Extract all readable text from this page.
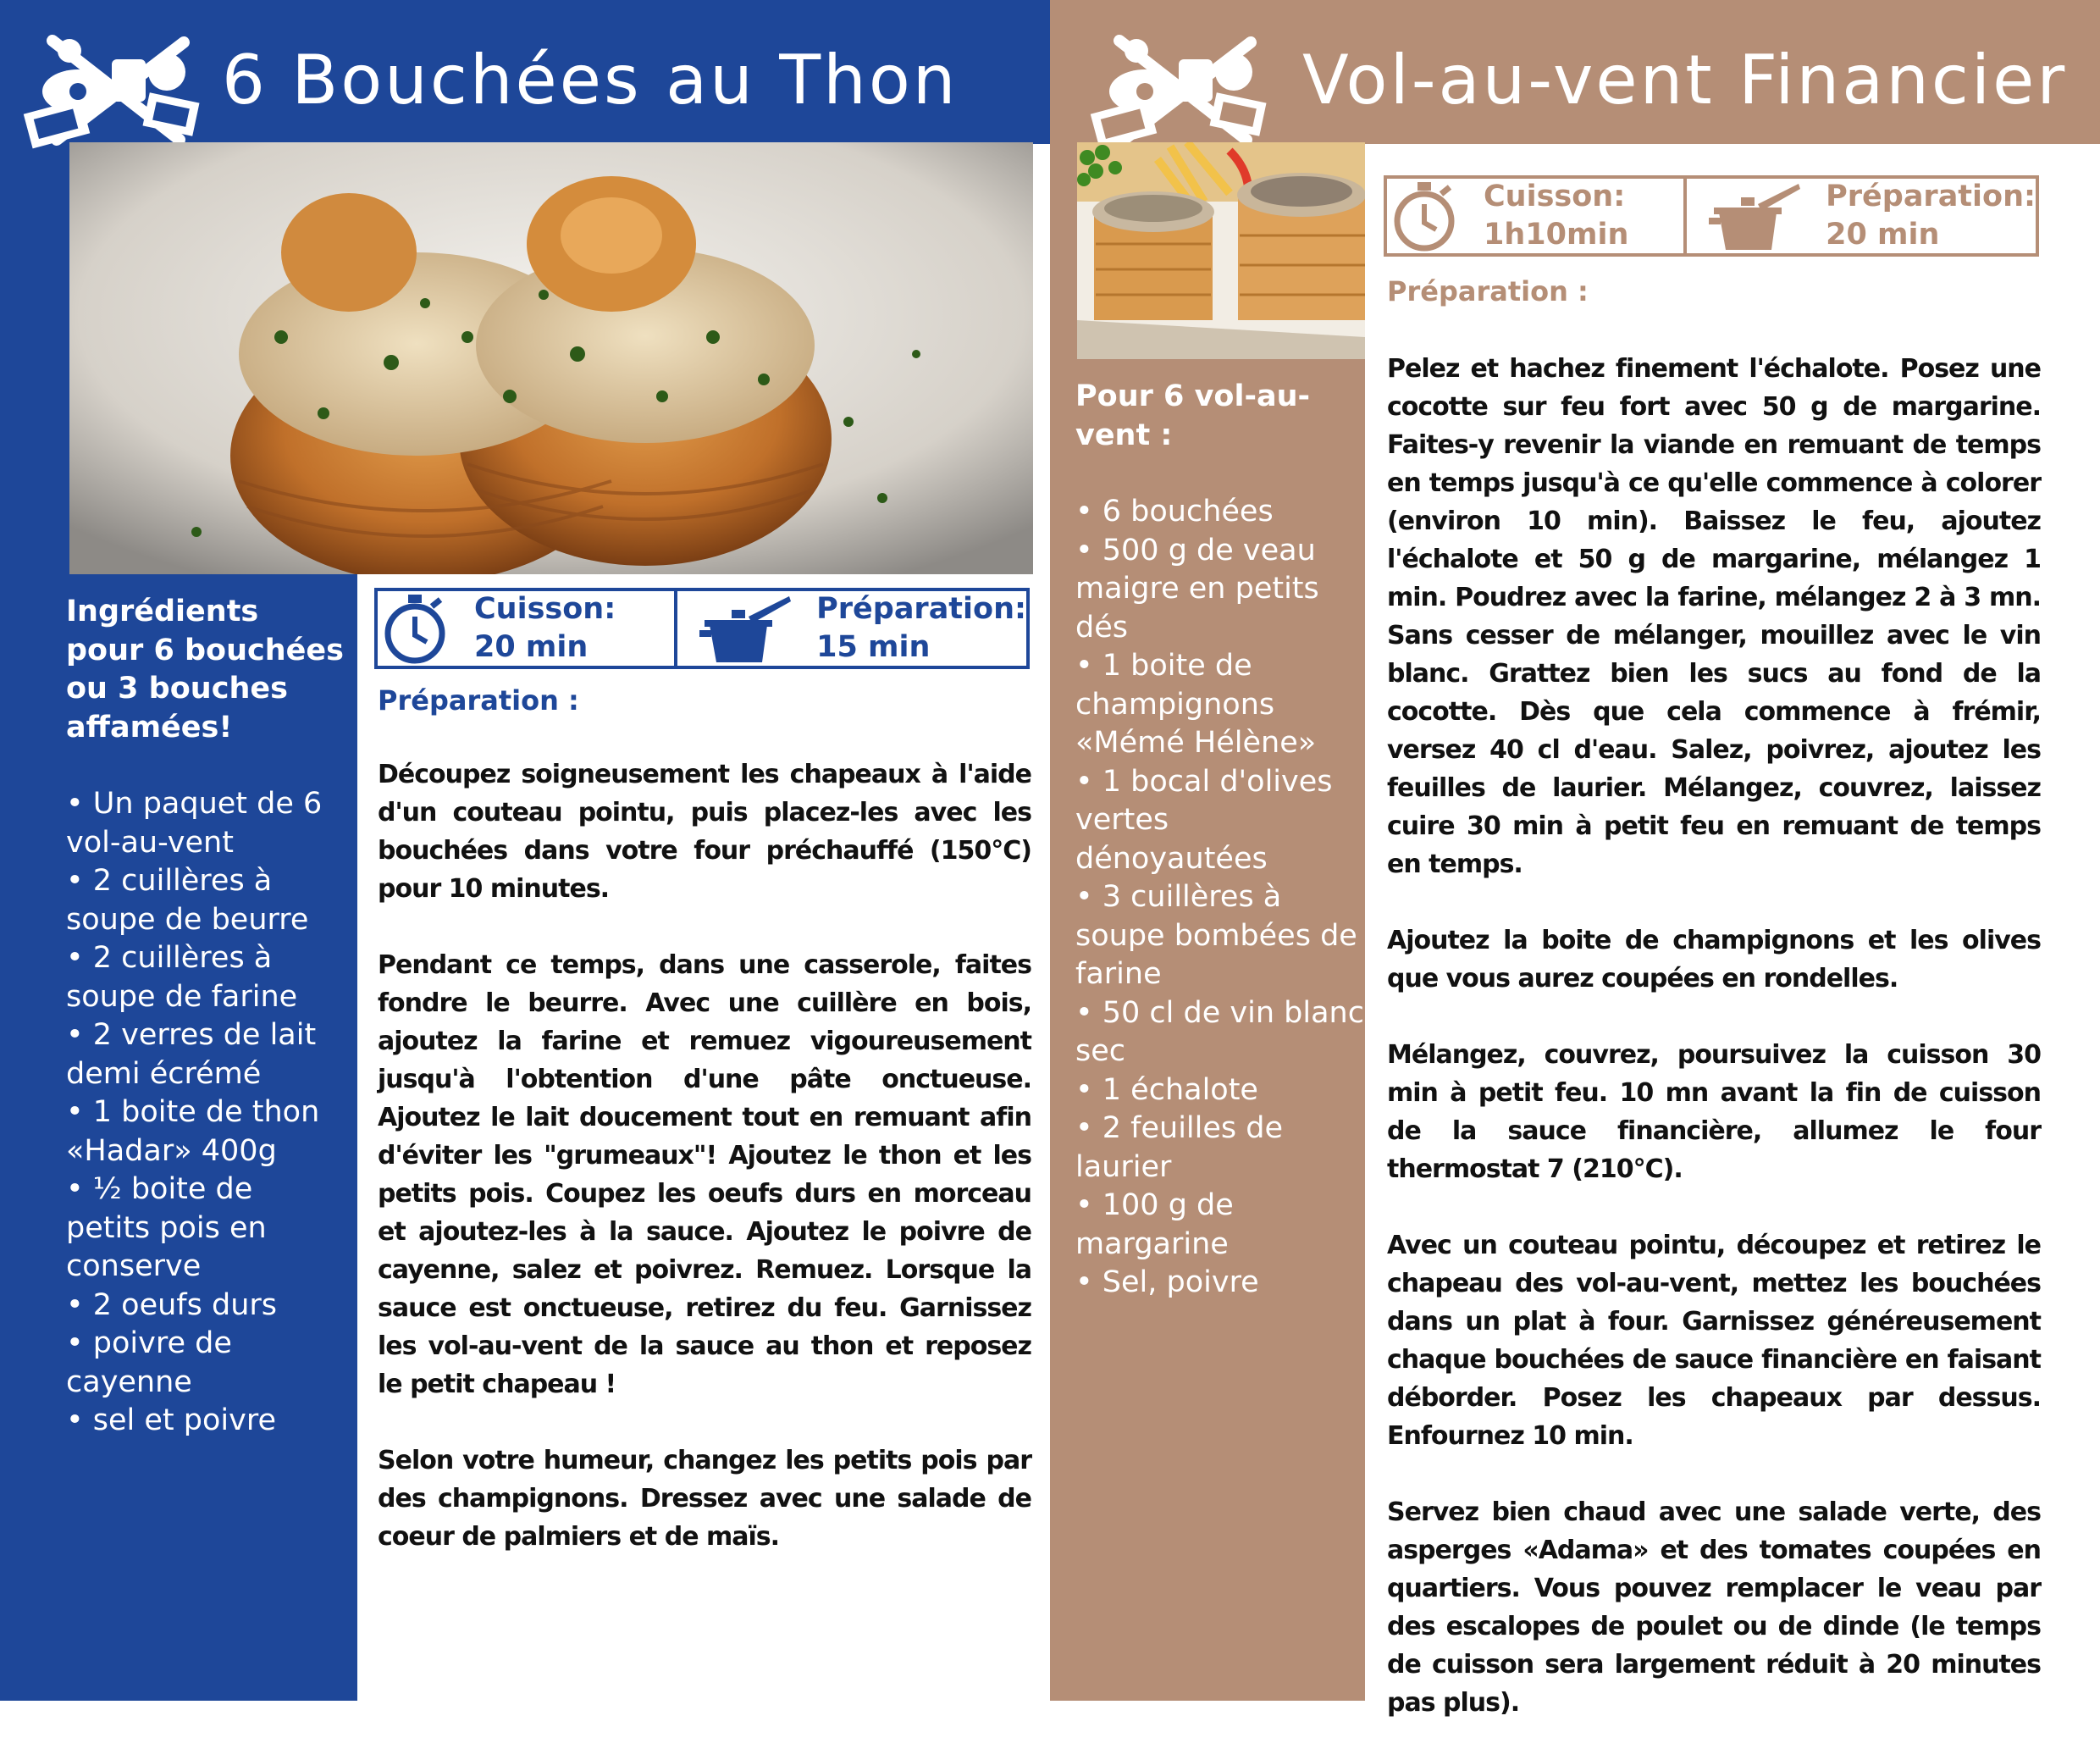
6 Bouchées au Thon
Ingrédients pour 6 bouchées ou 3 bouches affamées!
• Un paquet de 6 vol-au-vent
• 2 cuillères à soupe de beurre
• 2 cuillères à soupe de farine
• 2 verres de lait demi écrémé
• 1 boite de thon «Hadar» 400g
• ½ boite de petits pois en conserve
• 2 oeufs durs
• poivre de cayenne
• sel et poivre
Cuisson:
20 min
Préparation:
15 min
Préparation :

Découpez soigneusement les chapeaux à l'aide d'un couteau pointu, puis placez-les avec les bouchées dans votre four préchauffé (150°C) pour 10 minutes.

Pendant ce temps, dans une casserole, faites fondre le beurre. Avec une cuillère en bois, ajoutez la farine et remuez vigoureusement jusqu'à l'obtention d'une pâte onctueuse. Ajoutez le lait doucement tout en remuant afin d'éviter les "grumeaux"! Ajoutez le thon et les petits pois. Coupez les oeufs durs en morceau et ajoutez-les à la sauce. Ajoutez le poivre de cayenne, salez et poivrez. Remuez. Lorsque la sauce est onctueuse, retirez du feu. Garnissez les vol-au-vent de la sauce au thon et reposez le petit chapeau !

Selon votre humeur, changez les petits pois par des champignons. Dressez avec une salade de coeur de palmiers et de maïs.

Vol-au-vent Financier
Pour 6 vol-au-vent :
• 6 bouchées
• 500 g de veau maigre en petits dés
• 1 boite de champignons «Mémé Hélène»
• 1 bocal d'olives vertes dénoyautées
• 3 cuillères à soupe bombées de farine
• 50 cl de vin blanc sec
• 1 échalote
• 2 feuilles de laurier
• 100 g de margarine
• Sel, poivre
Cuisson:
1h10min
Préparation:
20 min
Préparation :

Pelez et hachez finement l'échalote. Posez une cocotte sur feu fort avec 50 g de margarine. Faites-y revenir la viande en remuant de temps en temps jusqu'à ce qu'elle commence à colorer (environ 10 min). Baissez le feu, ajoutez l'échalote et 50 g de margarine, mélangez 1 min. Poudrez avec la farine, mélangez 2 à 3 mn. Sans cesser de mélanger, mouillez avec le vin blanc. Grattez bien les sucs au fond de la cocotte. Dès que cela commence à frémir, versez 40 cl d'eau. Salez, poivrez, ajoutez les feuilles de laurier. Mélangez, couvrez, laissez cuire 30 min à petit feu en remuant de temps en temps.

Ajoutez la boite de champignons et les olives que vous aurez coupées en rondelles.

Mélangez, couvrez, poursuivez la cuisson 30 min à petit feu. 10 mn avant la fin de cuisson de la sauce financière, allumez le four thermostat 7 (210°C).

Avec un couteau pointu, découpez et retirez le chapeau des vol-au-vent, mettez les bouchées dans un plat à four. Garnissez généreusement chaque bouchées de sauce financière en faisant déborder. Posez les chapeaux par dessus. Enfournez 10 min.

Servez bien chaud avec une salade verte, des asperges «Adama» et des tomates coupées en quartiers. Vous pouvez remplacer le veau par des escalopes de poulet ou de dinde (le temps de cuisson sera largement réduit à 20 minutes pas plus).
